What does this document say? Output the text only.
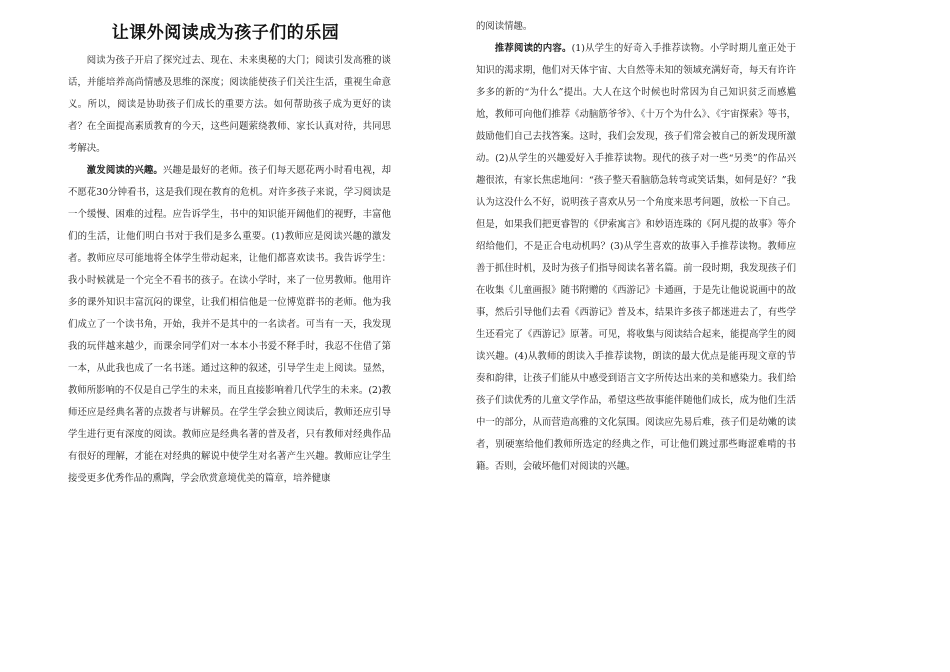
让课外阅读成为孩子们的乐园

阅读为孩子开启了探究过去、现在、未来奥秘的大门；阅读引发高雅的谈话，并能培养高尚情感及思维的深度；阅读能使孩子们关注生活，重视生命意义。所以，阅读是协助孩子们成长的重要方法。如何帮助孩子成为更好的读者？在全面提高素质教育的今天，这些问题萦绕教师、家长认真对待，共同思考解决。

激发阅读的兴趣。兴趣是最好的老师。孩子们每天愿花两小时看电视，却不愿花30分钟看书，这是我们现在教育的危机。对许多孩子来说，学习阅读是一个缓慢、困难的过程。应告诉学生，书中的知识能开阔他们的视野，丰富他们的生活，让他们明白书对于我们是多么重要。(1)教师应是阅读兴趣的激发者。教师应尽可能地将全体学生带动起来，让他们都喜欢读书。我告诉学生：我小时候就是一个完全不看书的孩子。在读小学时，来了一位男教师。他用许多的课外知识丰富沉闷的课堂，让我们相信他是一位博览群书的老师。他为我们成立了一个读书角，开始，我并不是其中的一名读者。可当有一天，我发现我的玩伴越来越少，而课余同学们对一本本小书爱不释手时，我忍不住借了第一本，从此我也成了一名书迷。通过这种的叙述，引导学生走上阅读。显然，教师所影响的不仅是自己学生的未来，而且直接影响着几代学生的未来。(2)教师还应是经典名著的点拨者与讲解员。在学生学会独立阅读后，教师还应引导学生进行更有深度的阅读。教师应是经典名著的普及者，只有教师对经典作品有很好的理解，才能在对经典的解说中使学生对名著产生兴趣。教师应让学生接受更多优秀作品的熏陶，学会欣赏意境优美的篇章，培养健康

的阅读情趣。

推荐阅读的内容。(1)从学生的好奇入手推荐读物。小学时期儿童正处于知识的渴求期，他们对天体宇宙、大自然等未知的领域充满好奇，每天有许许多多的新的“为什么”提出。大人在这个时候也时常因为自己知识贫乏而感尴尬，教师可向他们推荐《动脑筋爷爷》、《十万个为什么》、《宇宙探索》等书，鼓励他们自己去找答案。这时，我们会发现，孩子们常会被自己的新发现所激动。(2)从学生的兴趣爱好入手推荐读物。现代的孩子对一些“另类”的作品兴趣很浓，有家长焦虑地问：“孩子整天看脑筋急转弯或笑话集，如何是好？”我认为这没什么不好，说明孩子喜欢从另一个角度来思考问题，放松一下自己。但是，如果我们把更睿智的《伊索寓言》和妙语连珠的《阿凡提的故事》等介绍给他们，不是正合电动机吗？(3)从学生喜欢的故事入手推荐读物。教师应善于抓住时机，及时为孩子们指导阅读名著名篇。前一段时期，我发现孩子们在收集《儿童画报》随书附赠的《西游记》卡通画，于是先让他说说画中的故事，然后引导他们去看《西游记》普及本，结果许多孩子都迷进去了，有些学生还看完了《西游记》原著。可见，将收集与阅读结合起来，能提高学生的阅读兴趣。(4)从教师的朗读入手推荐读物，朗读的最大优点是能再现文章的节奏和韵律，让孩子们能从中感受到语言文字所传达出来的美和感染力。我们给孩子们读优秀的儿童文学作品，希望这些故事能伴随他们成长，成为他们生活中一的部分，从而营造高雅的文化氛围。阅读应先易后难，孩子们是幼嫩的读者，别硬塞给他们教师所选定的经典之作，可让他们跳过那些晦涩难啃的书籍。否则，会破坏他们对阅读的兴趣。
